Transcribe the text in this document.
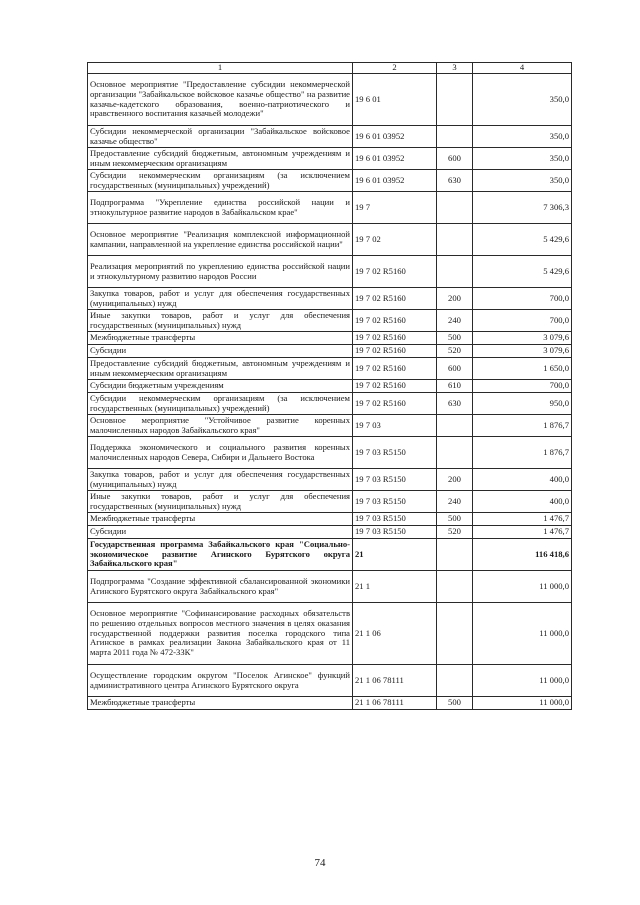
1	2	3	4
Основное мероприятие "Предоставление субсидии некоммерческой организации "Забайкальское войсковое казачье общество" на развитие казачье-кадетского образования, военно-патриотического и нравственного воспитания казачьей молодежи"	19 6 01		350,0
Субсидии некоммерческой организации "Забайкальское войсковое казачье общество"	19 6 01 03952		350,0
Предоставление субсидий бюджетным, автономным учреждениям и иным некоммерческим организациям	19 6 01 03952	600	350,0
Субсидии некоммерческим организациям (за исключением государственных (муниципальных) учреждений)	19 6 01 03952	630	350,0
Подпрограмма "Укрепление единства российской нации и этнокультурное развитие народов в Забайкальском крае"	19 7		7 306,3
Основное мероприятие "Реализация комплексной информационной кампании, направленной на укрепление единства российской нации"	19 7 02		5 429,6
Реализация мероприятий по укреплению единства российской нации и этнокультурному развитию народов России	19 7 02 R5160		5 429,6
Закупка товаров, работ и услуг для обеспечения государственных (муниципальных) нужд	19 7 02 R5160	200	700,0
Иные закупки товаров, работ и услуг для обеспечения государственных (муниципальных) нужд	19 7 02 R5160	240	700,0
Межбюджетные трансферты	19 7 02 R5160	500	3 079,6
Субсидии	19 7 02 R5160	520	3 079,6
Предоставление субсидий бюджетным, автономным учреждениям и иным некоммерческим организациям	19 7 02 R5160	600	1 650,0
Субсидии бюджетным учреждениям	19 7 02 R5160	610	700,0
Субсидии некоммерческим организациям (за исключением государственных (муниципальных) учреждений)	19 7 02 R5160	630	950,0
Основное мероприятие "Устойчивое развитие коренных малочисленных народов Забайкальского края"	19 7 03		1 876,7
Поддержка экономического и социального развития коренных малочисленных народов Севера, Сибири и Дальнего Востока	19 7 03 R5150		1 876,7
Закупка товаров, работ и услуг для обеспечения государственных (муниципальных) нужд	19 7 03 R5150	200	400,0
Иные закупки товаров, работ и услуг для обеспечения государственных (муниципальных) нужд	19 7 03 R5150	240	400,0
Межбюджетные трансферты	19 7 03 R5150	500	1 476,7
Субсидии	19 7 03 R5150	520	1 476,7
Государственная программа Забайкальского края "Социально-экономическое развитие Агинского Бурятского округа Забайкальского края"	21		116 418,6
Подпрограмма "Создание эффективной сбалансированной экономики Агинского Бурятского округа Забайкальского края"	21 1		11 000,0
Основное мероприятие "Софинансирование расходных обязательств по решению отдельных вопросов местного значения в целях оказания государственной поддержки развития поселка городского типа Агинское в рамках реализации Закона Забайкальского края от 11 марта 2011 года № 472-ЗЗК"	21 1 06		11 000,0
Осуществление городским округом "Поселок Агинское" функций административного центра Агинского Бурятского округа	21 1 06 78111		11 000,0
Межбюджетные трансферты	21 1 06 78111	500	11 000,0
74
